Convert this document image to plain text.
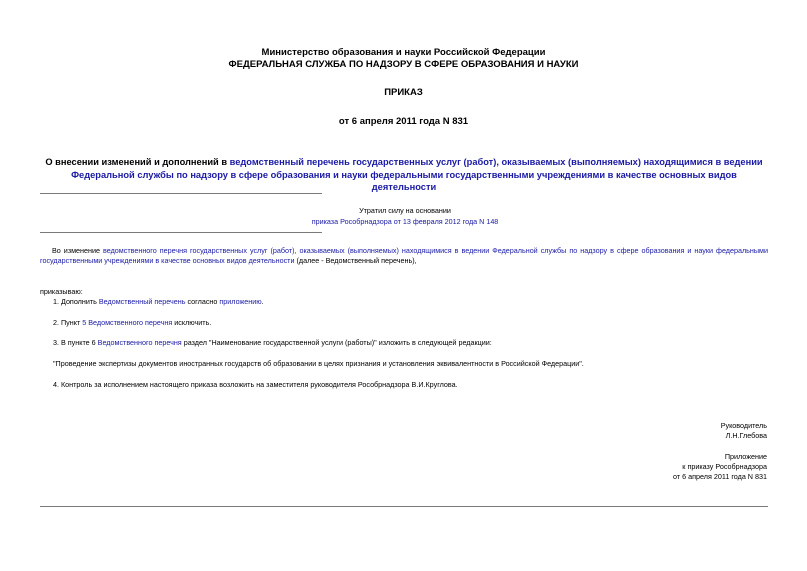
Министерство образования и науки Российской Федерации
ФЕДЕРАЛЬНАЯ СЛУЖБА ПО НАДЗОРУ В СФЕРЕ ОБРАЗОВАНИЯ И НАУКИ
ПРИКАЗ
от 6 апреля 2011 года N 831
О внесении изменений и дополнений в ведомственный перечень государственных услуг (работ), оказываемых (выполняемых) находящимися в ведении Федеральной службы по надзору в сфере образования и науки федеральными государственными учреждениями в качестве основных видов деятельности
Утратил силу на основании
приказа Рособрнадзора от 13 февраля 2012 года N 148
Во изменение ведомственного перечня государственных услуг (работ), оказываемых (выполняемых) находящимися в ведении Федеральной службы по надзору в сфере образования и науки федеральными государственными учреждениями в качестве основных видов деятельности (далее - Ведомственный перечень),
приказываю:
1. Дополнить Ведомственный перечень согласно приложению.
2. Пункт 5 Ведомственного перечня исключить.
3. В пункте 6 Ведомственного перечня раздел "Наименование государственной услуги (работы)" изложить в следующей редакции:
"Проведение экспертизы документов иностранных государств об образовании в целях признания и установления эквивалентности в Российской Федерации".
4. Контроль за исполнением настоящего приказа возложить на заместителя руководителя Рособрнадзора В.И.Круглова.
Руководитель
Л.Н.Глебова
Приложение
к приказу Рособрнадзора
от 6 апреля 2011 года N 831
